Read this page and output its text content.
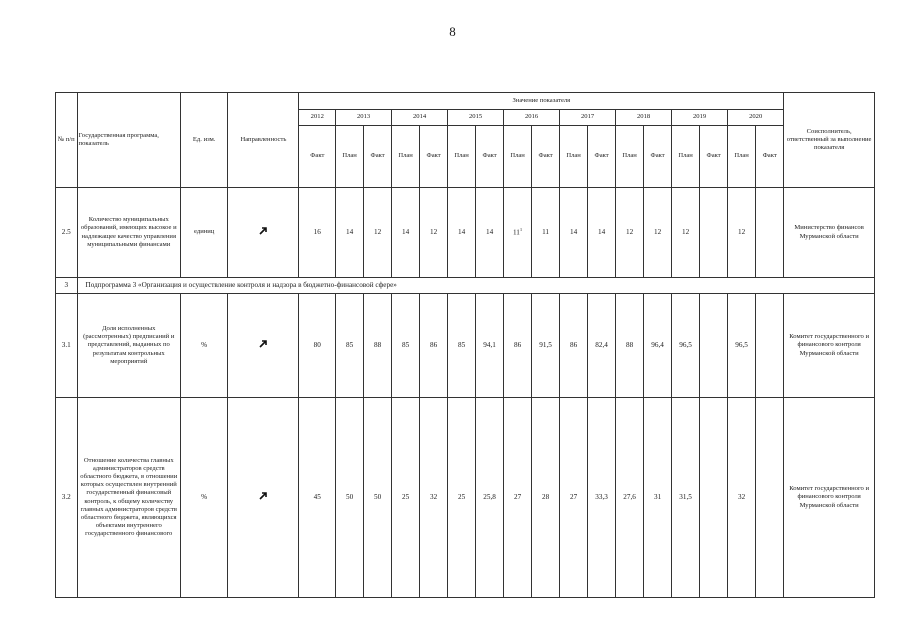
8
№ п/п	Государственная программа, показатель	Ед. изм.	Направленность	Значение показателя																	Соисполнитель, ответственный за выполнение показателя
				2012	2013		2014		2015		2016		2017		2018		2019		2020		
				Факт	План	Факт	План	Факт	План	Факт	План	Факт	План	Факт	План	Факт	План	Факт	План	Факт	
2.5	Количество муниципальных образований, имеющих высокое и надлежащее качество управления муниципальными финансами	единиц		16	14	12	14	12	14	14	$11^1$	11	14	14	12	12	12		12		Министерство финансов Мурманской области
3	Подпрограмма 3 «Организация и осуществление контроля и надзора в бюджетно-финансовой сфере»																				
3.1	Доля исполненных (рассмотренных) предписаний и представлений, выданных по результатам контрольных мероприятий	%		80	85	88	85	86	85	94,1	86	91,5	86	82,4	88	96,4	96,5		96,5		Комитет государственного и финансового контроля Мурманской области
3.2	Отношение количества главных администраторов средств областного бюджета, в отношении которых осуществлен внутренний государственный финансовый контроль, к общему количеству главных администраторов средств областного бюджета, являющихся объектами внутреннего государственного финансового	%		45	50	50	25	32	25	25,8	27	28	27	33,3	27,6	31	31,5		32		Комитет государственного и финансового контроля Мурманской области
